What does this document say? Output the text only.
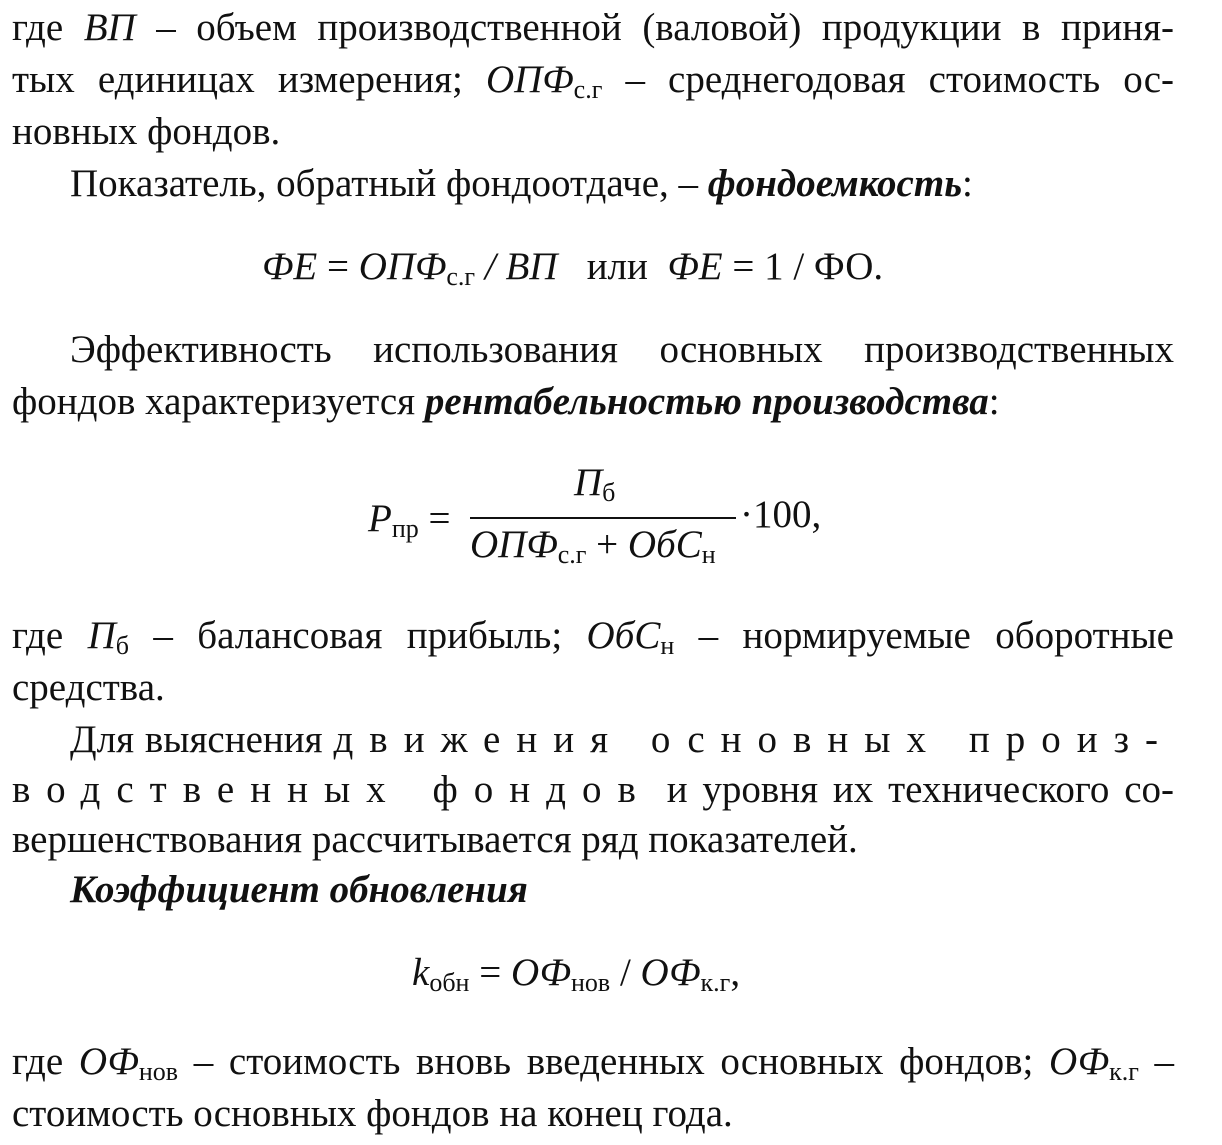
где ВП – объем производственной (валовой) продукции в приня-
тых единицах измерения; $ОПФ_{с.г}$ – среднегодовая стоимость ос-
новных фондов.
Показатель, обратный фондоотдаче, – фондоемкость:
ФЕ = $ОПФ_{с.г}$ / ВП   или  ФЕ = 1 / ФО.
Эффективность использования основных производственных
фондов характеризуется рентабельностью производства:
$Р_{пр}$ =
$П_б$
$ОПФ_{с.г} + ОбС_н$
·100,
где $П_б$ – балансовая прибыль; ОбС$_н$ – нормируемые оборотные
средства.
Для выяснения движения основных произ-
водственных фондов и уровня их технического со-
вершенствования рассчитывается ряд показателей.
Коэффициент обновления
$k_{обн} = ОФ_{нов} / ОФ_{к.г}$,
где $ОФ_{нов}$ – стоимость вновь введенных основных фондов; $ОФ_{к.г}$ –
стоимость основных фондов на конец года.
